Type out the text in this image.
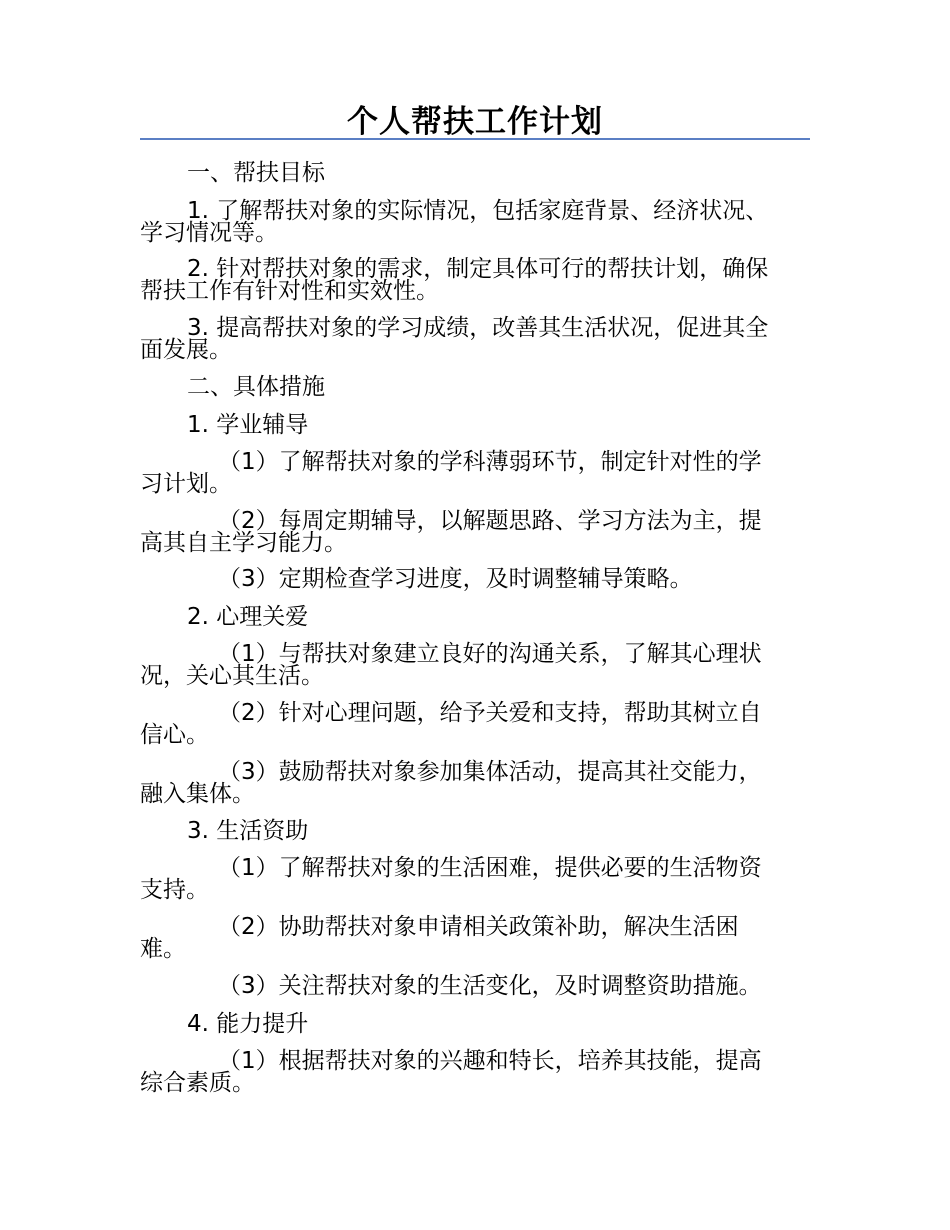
个人帮扶工作计划
一、帮扶目标
1. 了解帮扶对象的实际情况，包括家庭背景、经济状况、
学习情况等。
2. 针对帮扶对象的需求，制定具体可行的帮扶计划，确保
帮扶工作有针对性和实效性。
3. 提高帮扶对象的学习成绩，改善其生活状况，促进其全
面发展。
二、具体措施
1. 学业辅导
（1）了解帮扶对象的学科薄弱环节，制定针对性的学
习计划。
（2）每周定期辅导，以解题思路、学习方法为主，提
高其自主学习能力。
（3）定期检查学习进度，及时调整辅导策略。
2. 心理关爱
（1）与帮扶对象建立良好的沟通关系，了解其心理状
况，关心其生活。
（2）针对心理问题，给予关爱和支持，帮助其树立自
信心。
（3）鼓励帮扶对象参加集体活动，提高其社交能力，
融入集体。
3. 生活资助
（1）了解帮扶对象的生活困难，提供必要的生活物资
支持。
（2）协助帮扶对象申请相关政策补助，解决生活困
难。
（3）关注帮扶对象的生活变化，及时调整资助措施。
4. 能力提升
（1）根据帮扶对象的兴趣和特长，培养其技能，提高
综合素质。
